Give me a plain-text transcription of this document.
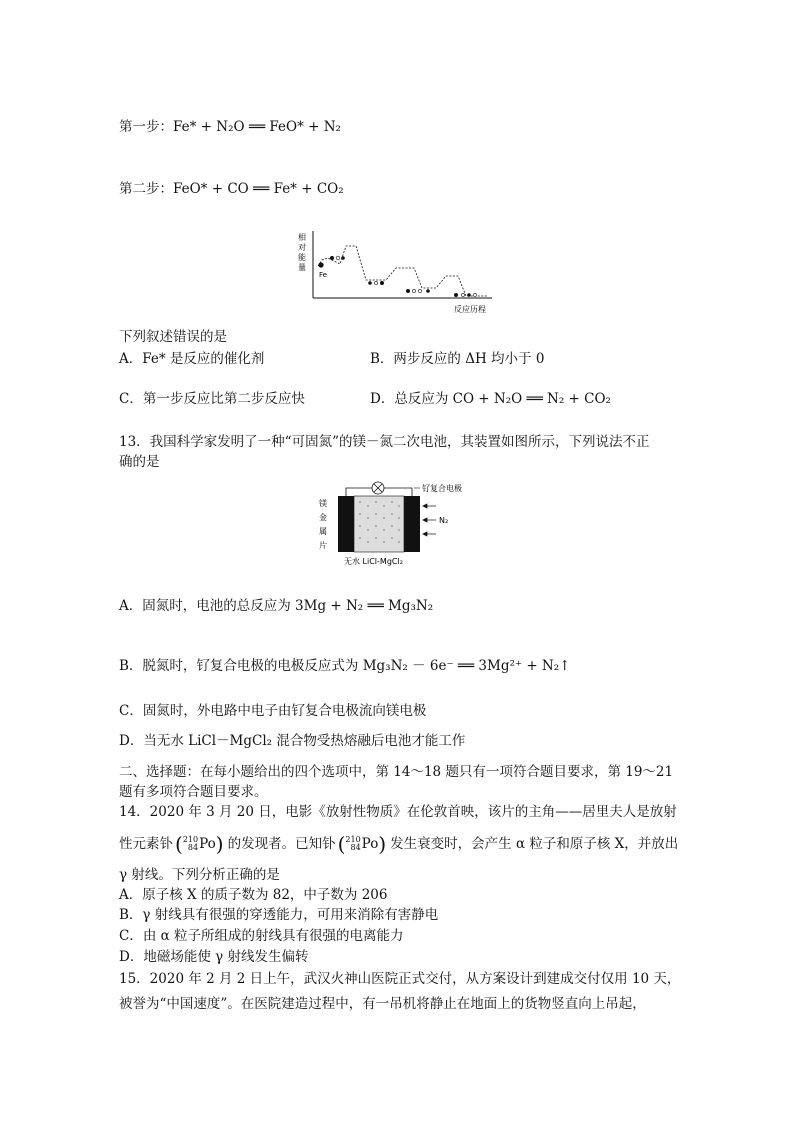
第一步：Fe* + N₂O ══ FeO* + N₂
第二步：FeO* + CO ══ Fe* + CO₂
相
对
能
量
Fe
反应历程
下列叙述错误的是
A．Fe* 是反应的催化剂	B．两步反应的 ΔH 均小于 0
C．第一步反应比第二步反应快	D．总反应为 CO + N₂O ══ N₂ + CO₂
13．我国科学家发明了一种“可固氮”的镁－氮二次电池，其装置如图所示，下列说法不正
确的是
镁
金
属
片
钌复合电极
N₂
无水 LiCl-MgCl₂
A．固氮时，电池的总反应为 3Mg + N₂ ══ Mg₃N₂
B．脱氮时，钌复合电极的电极反应式为 Mg₃N₂ － 6e⁻ ══ 3Mg²⁺ + N₂↑
C．固氮时，外电路中电子由钌复合电极流向镁电极
D．当无水 LiCl－MgCl₂ 混合物受热熔融后电池才能工作
二、选择题：在每小题给出的四个选项中，第 14～18 题只有一项符合题目要求，第 19～21
题有多项符合题目要求。
14．2020 年 3 月 20 日，电影《放射性物质》在伦敦首映，该片的主角——居里夫人是放射
性元素钋 (210
84Po) 的发现者。已知钋 (210
84Po) 发生衰变时，会产生 α 粒子和原子核 X，并放出
γ 射线。下列分析正确的是
A．原子核 X 的质子数为 82，中子数为 206
B．γ 射线具有很强的穿透能力，可用来消除有害静电
C．由 α 粒子所组成的射线具有很强的电离能力
D．地磁场能使 γ 射线发生偏转
15．2020 年 2 月 2 日上午，武汉火神山医院正式交付，从方案设计到建成交付仅用 10 天，
被誉为“中国速度”。在医院建造过程中，有一吊机将静止在地面上的货物竖直向上吊起，
